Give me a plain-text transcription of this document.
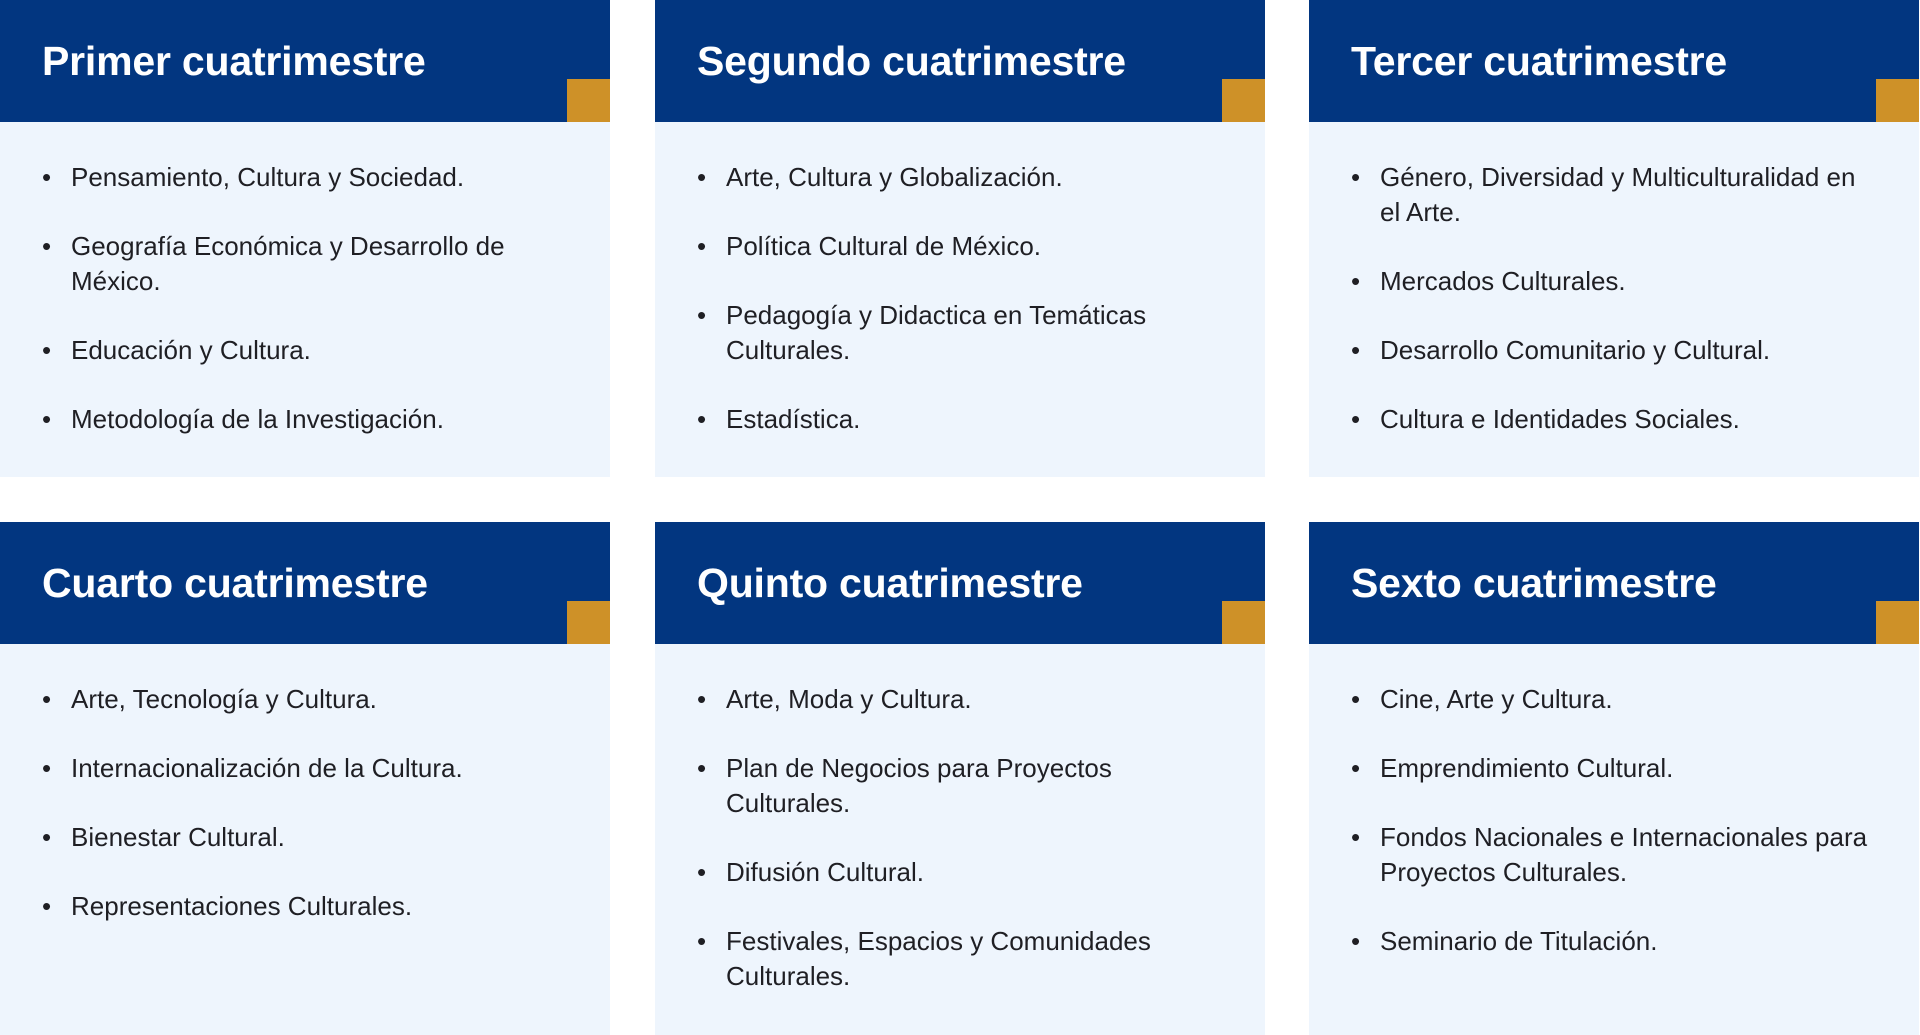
Primer cuatrimestre
• Pensamiento, Cultura y Sociedad.
• Geografía Económica y Desarrollo de México.
• Educación y Cultura.
• Metodología de la Investigación.
Segundo cuatrimestre
• Arte, Cultura y Globalización.
• Política Cultural de México.
• Pedagogía y Didactica en Temáticas Culturales.
• Estadística.
Tercer cuatrimestre
• Género, Diversidad y Multiculturalidad en el Arte.
• Mercados Culturales.
• Desarrollo Comunitario y Cultural.
• Cultura e Identidades Sociales.
Cuarto cuatrimestre
• Arte, Tecnología y Cultura.
• Internacionalización de la Cultura.
• Bienestar Cultural.
• Representaciones Culturales.
Quinto cuatrimestre
• Arte, Moda y Cultura.
• Plan de Negocios para Proyectos Culturales.
• Difusión Cultural.
• Festivales, Espacios y Comunidades Culturales.
Sexto cuatrimestre
• Cine, Arte y Cultura.
• Emprendimiento Cultural.
• Fondos Nacionales e Internacionales para Proyectos Culturales.
• Seminario de Titulación.
